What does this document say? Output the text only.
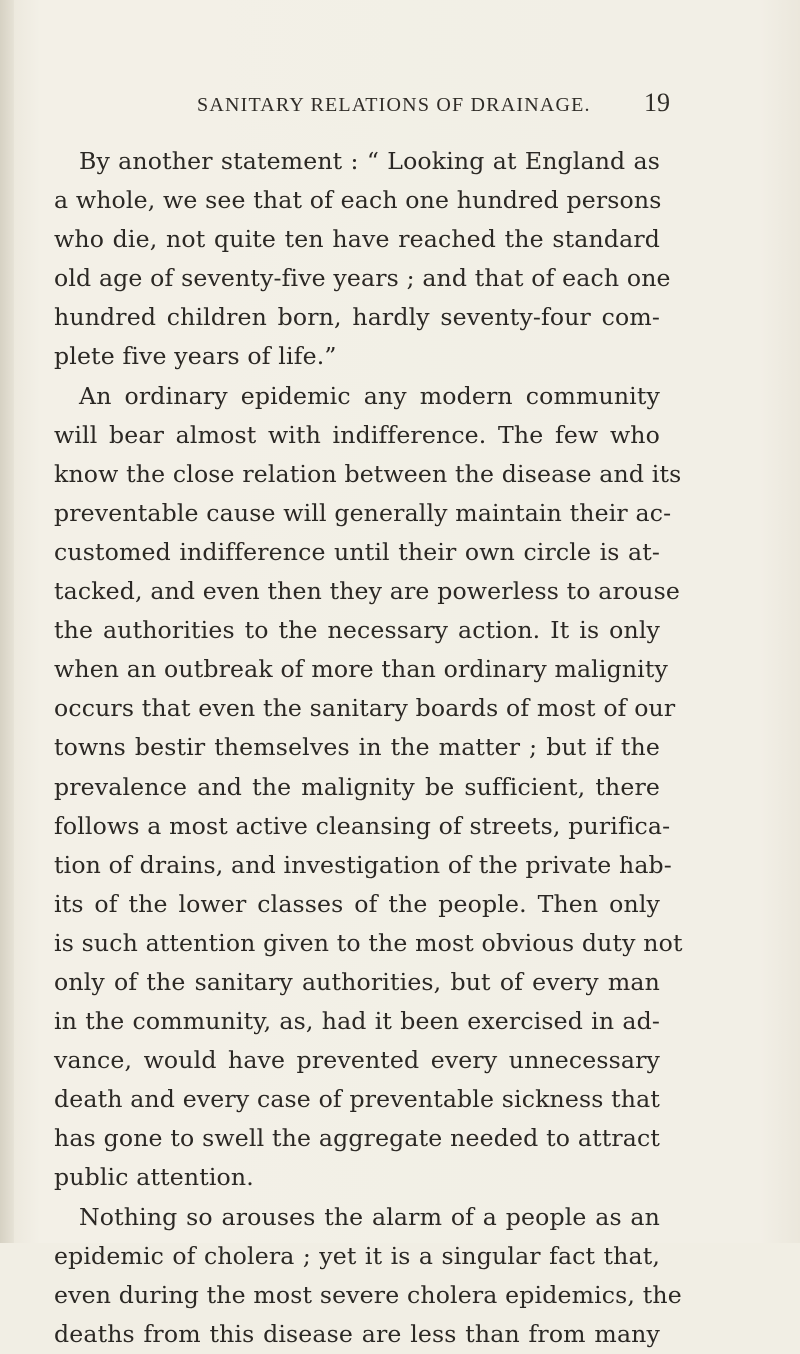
SANITARY RELATIONS OF DRAINAGE. 19
By another statement : “ Looking at England as
a whole, we see that of each one hundred persons
who die, not quite ten have reached the standard
old age of seventy-five years ; and that of each one
hundred children born, hardly seventy-four com-
plete five years of life.”
An ordinary epidemic any modern community
will bear almost with indifference. The few who
know the close relation between the disease and its
preventable cause will generally maintain their ac-
customed indifference until their own circle is at-
tacked, and even then they are powerless to arouse
the authorities to the necessary action. It is only
when an outbreak of more than ordinary malignity
occurs that even the sanitary boards of most of our
towns bestir themselves in the matter ; but if the
prevalence and the malignity be sufficient, there
follows a most active cleansing of streets, purifica-
tion of drains, and investigation of the private hab-
its of the lower classes of the people. Then only
is such attention given to the most obvious duty not
only of the sanitary authorities, but of every man
in the community, as, had it been exercised in ad-
vance, would have prevented every unnecessary
death and every case of preventable sickness that
has gone to swell the aggregate needed to attract
public attention.
Nothing so arouses the alarm of a people as an
epidemic of cholera ; yet it is a singular fact that,
even during the most severe cholera epidemics, the
deaths from this disease are less than from many
